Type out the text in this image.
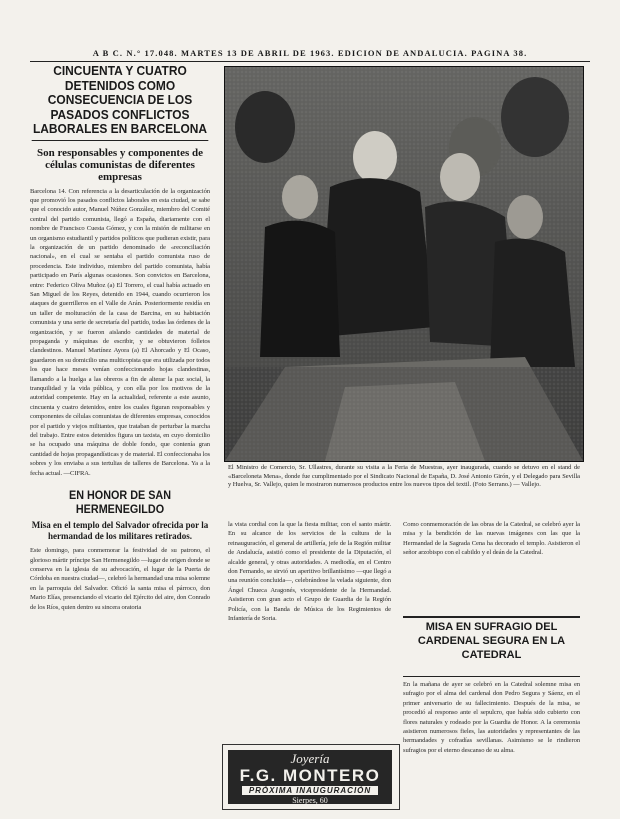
A B C. N.° 17.048. MARTES 13 DE ABRIL DE 1963. EDICION DE ANDALUCIA. PAGINA 38.
CINCUENTA Y CUATRO DETENIDOS COMO CONSECUENCIA DE LOS PASADOS CONFLICTOS LABORALES EN BARCELONA
Son responsables y componentes de células comunistas de diferentes empresas
Barcelona 14. Con referencia a la desarticulación de la organización que promovió los pasados conflictos laborales en esta ciudad, se sabe que el conocido autor, Manuel Núñez González, miembro del Comité central del partido comunista, llegó a España, diariamente con el nombre de Francisco Cuesta Gómez, y con la misión de militarse en un organismo estudiantil y partidos políticos que pudieran existir, para la organización de un partido denominado de «reconciliación nacional», en el cual se sentaba el partido comunista ruso de procedencia. Este individuo, miembro del partido comunista, había participado en París algunas ocasiones. Son convictos en Barcelona, entre: Federico Oliva Muñoz (a) El Torrero, el cual había actuado en San Miguel de los Reyes, detenido en 1944, cuando ocurrieron los ataques de guerrilleros en el Valle de Arán. Posteriormente residía en un taller de molturación de la casa de Barcina, en su habitación comunista y una serie de secretaría del partido, todas las órdenes de la organización, y se fueron aislando cantidades de material de propaganda y máquinas de escribir, y se obtuvieron folletos clandestinos. Manuel Martínez Ayora (a) El Ahorcado y El Ocaso, guardaron en su domicilio una multicopista que era utilizada por todos los que hace meses venían confeccionando hojas clandestinas, llamando a la huelga a las obreros a fin de alterar la paz social, la tranquilidad y la vida pública, y con ella por los motivos de la autoridad competente. Hay en la actualidad, referente a este asunto, cincuenta y cuatro detenidos, entre los cuales figuran responsables y componentes de células comunistas de diferentes empresas, conocidos por el partido y viejos militantes, que trataban de perturbar la marcha del trabajo. Entre estos detenidos figura un taxista, en cuyo domicilio se ha ocupado una máquina de doble fondo, que contenía gran cantidad de hojas propagandísticas y de material. El confeccionaba los sobres y los enviaba a sus tertulias de talleres de Barcelona. Ya a la fecha actual. —CIFRA.
EN HONOR DE SAN HERMENEGILDO
Misa en el templo del Salvador ofrecida por la hermandad de los militares retirados.
Este domingo, para conmemorar la festividad de su patrono, el glorioso mártir príncipe San Hermenegildo —lugar de origen donde se conserva en la iglesia de su advocación, el lugar de la Puerta de Córdoba en nuestra ciudad—, celebró la hermandad una misa solemne en la parroquia del Salvador. Ofició la santa misa el párroco, don Mario Elías, presenciando el vicario del Ejército del aire, don Conrado de los Ríos, quien dentro su sincera oratoria
El Ministro de Comercio, Sr. Ullastres, durante su visita a la Feria de Muestras, ayer inaugurada, cuando se detuvo en el stand de «Barceloneta Mena», donde fue cumplimentado por el Sindicato Nacional de España, D. José Antonio Girón, y el Delegado para Sevilla y Huelva, Sr. Vallejo, quien le mostraron numerosos productos entre los nuevos tipos del textil. (Foto Serrano.) — Vallejo.
la vista cordial con la que la fiesta militar, con el santo mártir. En su alcance de los servicios de la cultura de la reinauguración, el general de artillería, jefe de la Región militar de Andalucía, asistió como el presidente de la Diputación, el alcalde general, y otras autoridades. A mediodía, en el Centro don Fernando, se sirvió un aperitivo brillantísimo —que llegó a una reunión concluida—, celebrándose la velada siguiente, don Ángel Chueca Aragonés, vicepresidente de la Hermandad. Asistieron con gran acto el Grupo de Guardia de la Región Policía, con la Banda de Música de los Regimientos de Infantería de Soria.
Como conmemoración de las obras de la Catedral, se celebró ayer la misa y la bendición de las nuevas imágenes con las que la Hermandad de la Sagrada Cena ha decorado el templo. Asistieron el señor arzobispo con el cabildo y el deán de la Catedral.
MISA EN SUFRAGIO DEL CARDENAL SEGURA EN LA CATEDRAL
En la mañana de ayer se celebró en la Catedral solemne misa en sufragio por el alma del cardenal don Pedro Segura y Sáenz, en el primer aniversario de su fallecimiento. Después de la misa, se procedió al responso ante el sepulcro, que había sido cubierto con flores naturales y rodeado por la Guardia de Honor. A la ceremonia asistieron numerosos fieles, las autoridades y representantes de las hermandades y cofradías sevillanas. Asimismo se le rindieron sufragios por el eterno descanso de su alma.
Joyería
F.G. MONTERO
PRÓXIMA INAUGURACIÓN
Sierpes, 60
